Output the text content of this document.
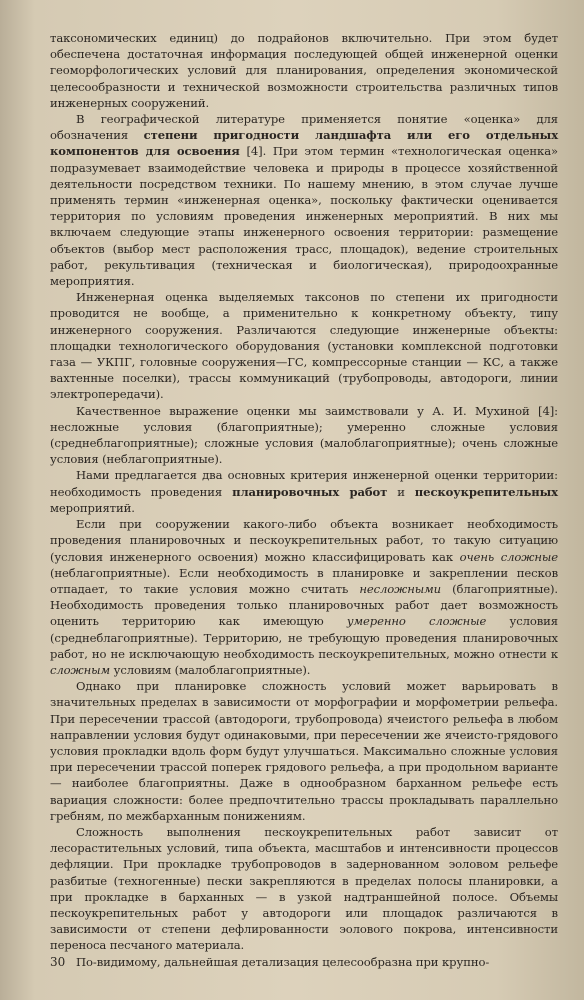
таксономических единиц) до подрайонов включительно. При этом будет обеспечена достаточная информация последующей общей инженерной оценки геоморфологических условий для планирования, определения экономической целесообразности и технической возможности строительства различных типов инженерных сооружений.

В географической литературе применяется понятие «оценка» для обозначения степени пригодности ландшафта или его отдельных компонентов для освоения [4]. При этом термин «технологическая оценка» подразумевает взаимодействие человека и природы в процессе хозяйственной деятельности посредством техники. По нашему мнению, в этом случае лучше применять термин «инженерная оценка», поскольку фактически оценивается территория по условиям проведения инженерных мероприятий. В них мы включаем следующие этапы инженерного освоения территории: размещение объектов (выбор мест расположения трасс, площадок), ведение строительных работ, рекультивация (техническая и биологическая), природоохранные мероприятия.

Инженерная оценка выделяемых таксонов по степени их пригодности проводится не вообще, а применительно к конкретному объекту, типу инженерного сооружения. Различаются следующие инженерные объекты: площадки технологического оборудования (установки комплексной подготовки газа — УКПГ, головные сооружения—ГС, компрессорные станции — КС, а также вахтенные поселки), трассы коммуникаций (трубопроводы, автодороги, линии электропередачи).

Качественное выражение оценки мы заимствовали у А. И. Мухиной [4]: несложные условия (благоприятные); умеренно сложные условия (среднеблагоприятные); сложные условия (малоблагоприятные); очень сложные условия (неблагоприятные).

Нами предлагается два основных критерия инженерной оценки территории: необходимость проведения планировочных работ и пескоукрепительных мероприятий.

Если при сооружении какого-либо объекта возникает необходимость проведения планировочных и пескоукрепительных работ, то такую ситуацию (условия инженерного освоения) можно классифицировать как очень сложные (неблагоприятные). Если необходимость в планировке и закреплении песков отпадает, то такие условия можно считать несложными (благоприятные). Необходимость проведения только планировочных работ дает возможность оценить территорию как имеющую умеренно сложные условия (среднеблагоприятные). Территорию, не требующую проведения планировочных работ, но не исключающую необходимость пескоукрепительных, можно отнести к сложным условиям (малоблагоприятные).

Однако при планировке сложность условий может варьировать в значительных пределах в зависимости от морфографии и морфометрии рельефа. При пересечении трассой (автодороги, трубопровода) ячеистого рельефа в любом направлении условия будут одинаковыми, при пересечении же ячеисто-грядового условия прокладки вдоль форм будут улучшаться. Максимально сложные условия при пересечении трассой поперек грядового рельефа, а при продольном варианте — наиболее благоприятны. Даже в однообразном барханном рельефе есть вариация сложности: более предпочтительно трассы прокладывать параллельно гребням, по межбарханным понижениям.

Сложность выполнения пескоукрепительных работ зависит от лесорастительных условий, типа объекта, масштабов и интенсивности процессов дефляции. При прокладке трубопроводов в задернованном эоловом рельефе разбитые (техногенные) пески закрепляются в пределах полосы планировки, а при прокладке в барханных — в узкой надтраншейной полосе. Объемы пескоукрепительных работ у автодороги или площадок различаются в зависимости от степени дефлированности эолового покрова, интенсивности переноса песчаного материала.

По-видимому, дальнейшая детализация целесообразна при крупно-

30
